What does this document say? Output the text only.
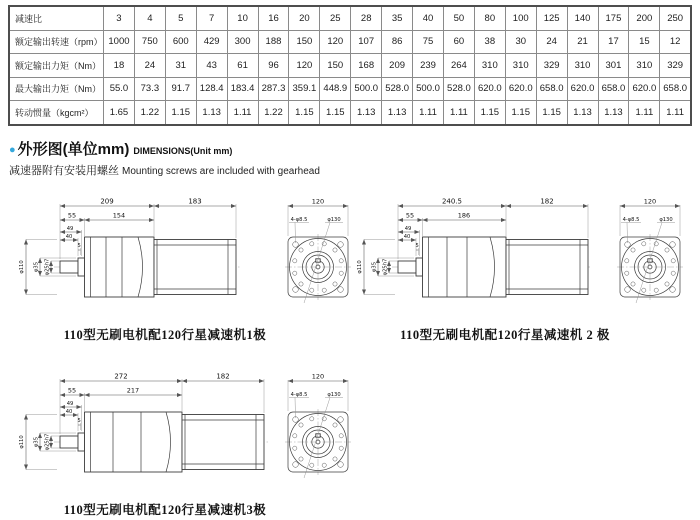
减速比	3	4	5	7	10	16	20	25	28	35	40	50	80	100	125	140	175	200	250
额定输出转速（rpm）	1000	750	600	429	300	188	150	120	107	86	75	60	38	30	24	21	17	15	12
额定输出力矩（Nm）	18	24	31	43	61	96	120	150	168	209	239	264	310	310	329	310	301	310	329
最大输出力矩（Nm）	55.0	73.3	91.7	128.4	183.4	287.3	359.1	448.9	500.0	528.0	500.0	528.0	620.0	620.0	658.0	620.0	658.0	620.0	658.0
转动惯量（kgcm²）	1.65	1.22	1.15	1.13	1.11	1.22	1.15	1.15	1.13	1.13	1.11	1.11	1.15	1.15	1.15	1.13	1.13	1.11	1.11
● 外形图(单位mm) DIMENSIONS(Unit mm)
减速器附有安装用螺丝 Mounting screws are included with gearhead
209	183
55	154
49
40
5
φ110 φ35 φ25h7
120
4-φ8.5	φ130
110型无刷电机配120行星减速机1极
240.5	182
55	186
49
40
5
φ110 φ35 φ25h7
120
4-φ8.5	φ130
110型无刷电机配120行星减速机 2 极
272	182
55	217
49
40
5
φ110 φ35 φ25h7
120
4-φ8.5	φ130
110型无刷电机配120行星减速机3极
